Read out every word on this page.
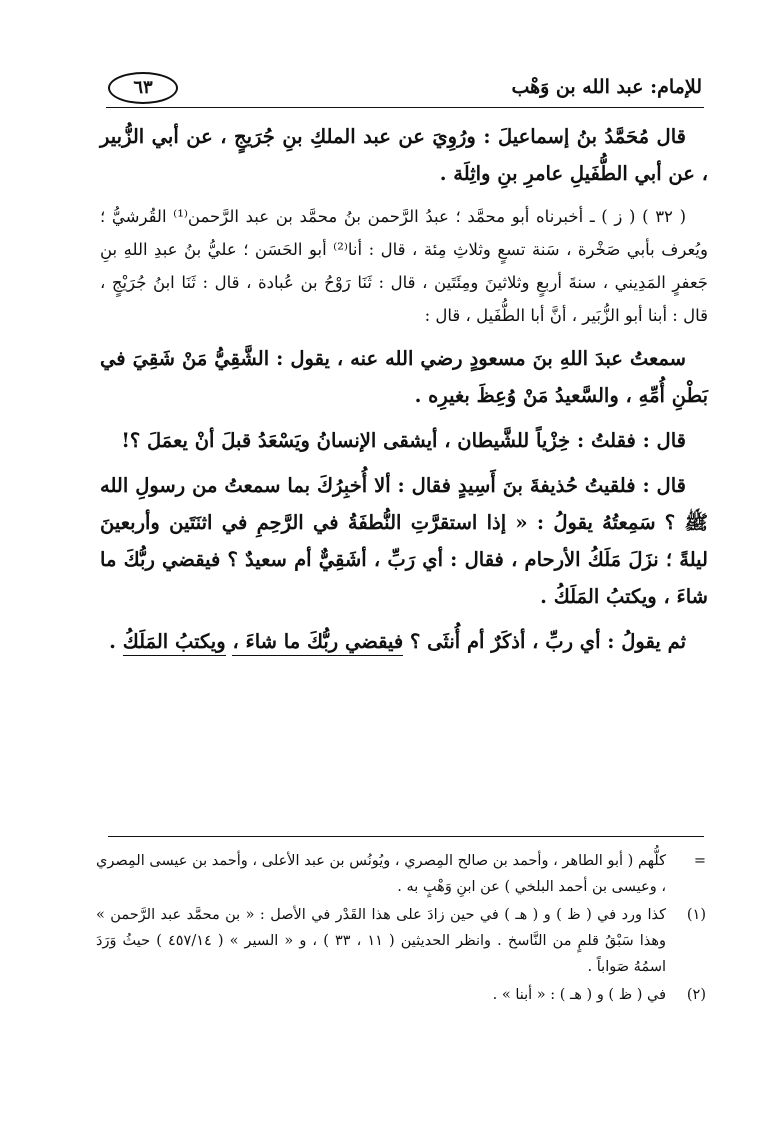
للإمام: عبد الله بن وَهْب
٦٣

قال مُحَمَّدُ بنُ إسماعيلَ : ورُوِيَ عن عبد الملكِ بنِ جُرَيجٍ ، عن أبي الزُّبير ، عن أبي الطُّفَيلِ عامرِ بنِ واثِلَة .

( ٣٢ ) ( ز ) ـ أخبرناه أبو محمَّد ؛ عبدُ الرَّحمن بنُ محمَّد بن عبد الرَّحمن⁽¹⁾ القُرشيُّ ؛ ويُعرف بأبي صَخْرة ، سَنة تسعٍ وثلاثِ مِئة ، قال : أنا⁽²⁾ أبو الحَسَن ؛ عليُّ بنُ عبدِ اللهِ بنِ جَعفرٍ المَدِيني ، سنةَ أربعٍ وثلاثينَ ومِئَتَين ، قال : ثَنَا رَوْحُ بن عُبادة ، قال : ثَنَا ابنُ جُرَيْجٍ ، قال : أبنا أبو الزُّبَير ، أنَّ أبا الطُّفَيل ، قال :

سمعتُ عبدَ اللهِ بنَ مسعودٍ رضي الله عنه ، يقول : الشَّقِيُّ مَنْ شَقِيَ في بَطْنِ أُمِّهِ ، والسَّعيدُ مَنْ وُعِظَ بغيرِه .

قال : فقلتُ : خِزْياً للشَّيطان ، أيشقى الإنسانُ ويَسْعَدُ قبلَ أنْ يعمَلَ ؟!

قال : فلقيتُ حُذيفةَ بنَ أَسِيدٍ فقال : ألا أُخبِرُكَ بما سمعتُ من رسولِ الله ﷺ ؟ سَمِعتُهُ يقولُ : « إذا استقرَّتِ النُّطفَةُ في الرَّحِمِ في اثنَتَين وأربعينَ ليلةً ؛ نزَلَ مَلَكُ الأرحام ، فقال : أي رَبِّ ، أشَقِيٌّ أم سعيدٌ ؟ فيقضي ربُّكَ ما شاءَ ، ويكتبُ المَلَكُ .

ثم يقولُ : أي ربِّ ، أذكَرٌ أم أُنثَى ؟ فيقضي ربُّكَ ما شاءَ ، ويكتبُ المَلَكُ .

=
كلُّهم ( أبو الطاهر ، وأحمد بن صالح المِصري ، ويُونُس بن عبد الأعلى ، وأحمد بن عيسى المِصري ، وعيسى بن أحمد البلخي ) عن ابنِ وَهْبٍ به .
(١)
كذا ورد في ( ظ ) و ( هـ ) في حين زادَ على هذا القَدْر في الأصل : « بن محمَّد عبد الرَّحمن » وهذا سَبْقُ قلمٍ من النَّاسخ . وانظر الحديثين ( ١١ ، ٣٣ ) ، و « السير » ( ٤٥٧/١٤ ) حيثُ وَرَدَ اسمُهُ صَواباً .
(٢)
في ( ظ ) و ( هـ ) : « أبنا » .
